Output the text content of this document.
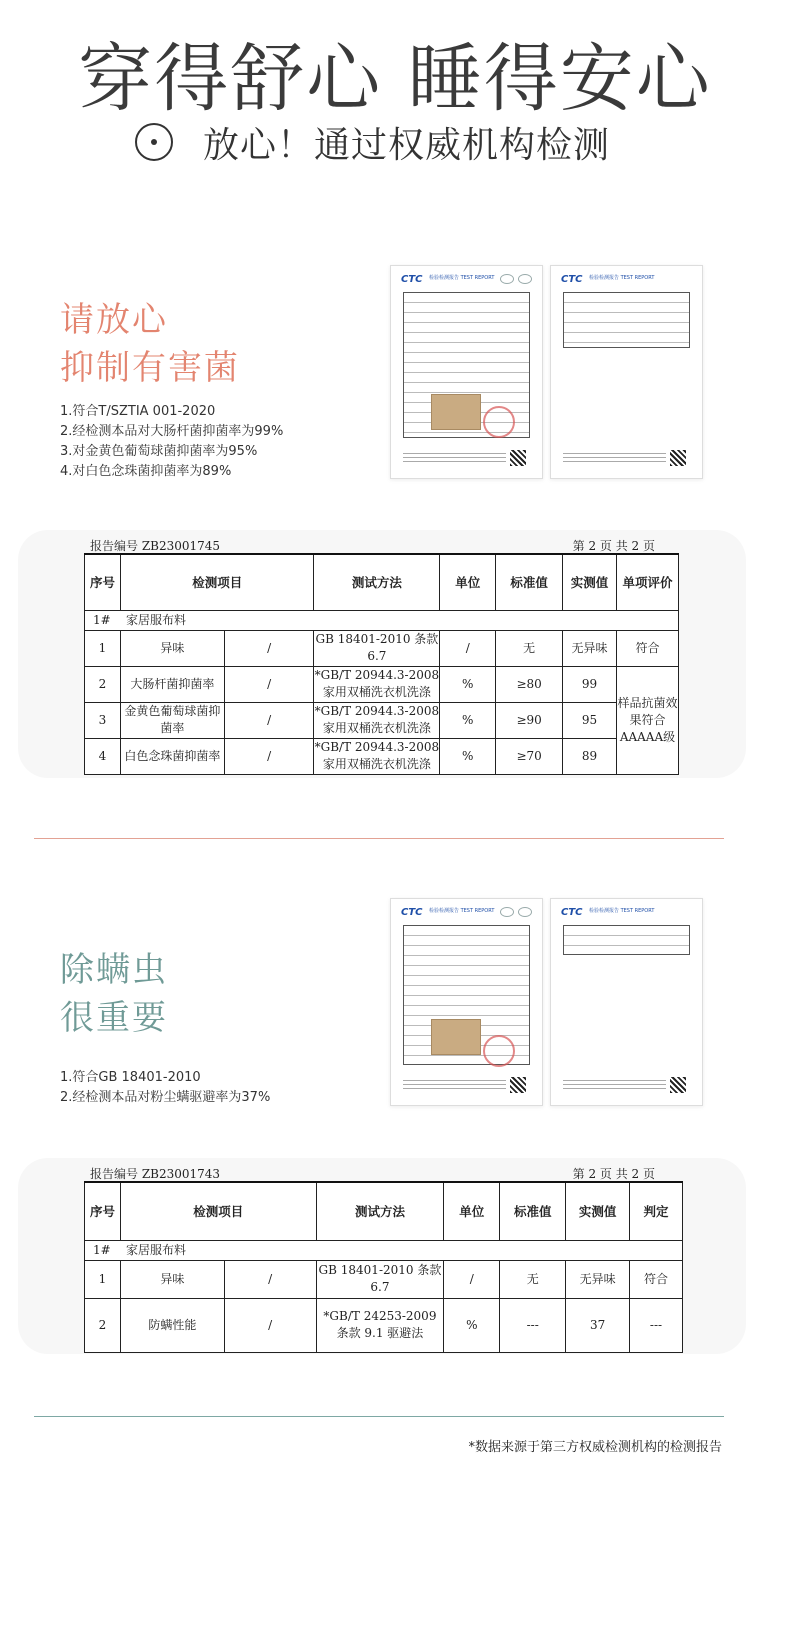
穿得舒心 睡得安心
放心！通过权威机构检测
请放心
抑制有害菌
1.符合T/SZTIA 001-2020
2.经检测本品对大肠杆菌抑菌率为99%
3.对金黄色葡萄球菌抑菌率为95%
4.对白色念珠菌抑菌率为89%
CTC 检验检测报告 TEST REPORT	CTC 检验检测报告 TEST REPORT
报告编号 ZB23001745	第 2 页 共 2 页
序号	检测项目		测试方法	单位	标准值	实测值	单项评价
1# 家居服布料							
1	异味	/	GB 18401-2010 条款 6.7	/	无	无异味	符合
2	大肠杆菌抑菌率	/	*GB/T 20944.3-2008 家用双桶洗衣机洗涤	%	≥80	99	样品抗菌效果符合AAAAA级
3	金黄色葡萄球菌抑菌率	/	*GB/T 20944.3-2008 家用双桶洗衣机洗涤	%	≥90	95	
4	白色念珠菌抑菌率	/	*GB/T 20944.3-2008 家用双桶洗衣机洗涤	%	≥70	89	
除螨虫
很重要
1.符合GB 18401-2010
2.经检测本品对粉尘螨驱避率为37%
CTC 检验检测报告 TEST REPORT	CTC 检验检测报告 TEST REPORT
报告编号 ZB23001743	第 2 页 共 2 页
序号	检测项目		测试方法	单位	标准值	实测值	判定
1# 家居服布料							
1	异味	/	GB 18401-2010 条款 6.7	/	无	无异味	符合
2	防螨性能	/	*GB/T 24253-2009 条款 9.1 驱避法	%	---	37	---
*数据来源于第三方权威检测机构的检测报告
